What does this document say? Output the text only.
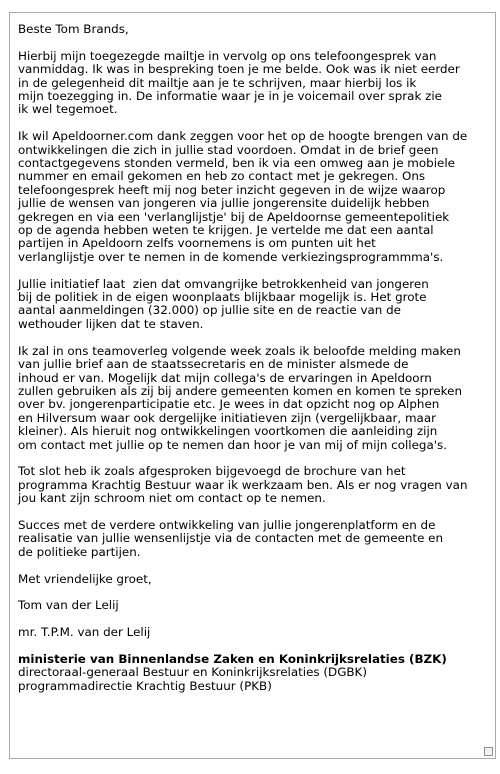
Beste Tom Brands,
Hierbij mijn toegezegde mailtje in vervolg op ons telefoongesprek van
vanmiddag. Ik was in bespreking toen je me belde. Ook was ik niet eerder
in de gelegenheid dit mailtje aan je te schrijven, maar hierbij los ik
mijn toezegging in. De informatie waar je in je voicemail over sprak zie
ik wel tegemoet.
Ik wil Apeldoorner.com dank zeggen voor het op de hoogte brengen van de
ontwikkelingen die zich in jullie stad voordoen. Omdat in de brief geen
contactgegevens stonden vermeld, ben ik via een omweg aan je mobiele
nummer en email gekomen en heb zo contact met je gekregen. Ons
telefoongesprek heeft mij nog beter inzicht gegeven in de wijze waarop
jullie de wensen van jongeren via jullie jongerensite duidelijk hebben
gekregen en via een 'verlanglijstje' bij de Apeldoornse gemeentepolitiek
op de agenda hebben weten te krijgen. Je vertelde me dat een aantal
partijen in Apeldoorn zelfs voornemens is om punten uit het
verlanglijstje over te nemen in de komende verkiezingsprogrammma's.
Jullie initiatief laat  zien dat omvangrijke betrokkenheid van jongeren
bij de politiek in de eigen woonplaats blijkbaar mogelijk is. Het grote
aantal aanmeldingen (32.000) op jullie site en de reactie van de
wethouder lijken dat te staven.
Ik zal in ons teamoverleg volgende week zoals ik beloofde melding maken
van jullie brief aan de staatssecretaris en de minister alsmede de
inhoud er van. Mogelijk dat mijn collega's de ervaringen in Apeldoorn
zullen gebruiken als zij bij andere gemeenten komen en komen te spreken
over bv. jongerenparticipatie etc. Je wees in dat opzicht nog op Alphen
en Hilversum waar ook dergelijke initiatieven zijn (vergelijkbaar, maar
kleiner). Als hieruit nog ontwikkelingen voortkomen die aanleiding zijn
om contact met jullie op te nemen dan hoor je van mij of mijn collega's.
Tot slot heb ik zoals afgesproken bijgevoegd de brochure van het
programma Krachtig Bestuur waar ik werkzaam ben. Als er nog vragen van
jou kant zijn schroom niet om contact op te nemen.
Succes met de verdere ontwikkeling van jullie jongerenplatform en de
realisatie van jullie wensenlijstje via de contacten met de gemeente en
de politieke partijen.
Met vriendelijke groet,
Tom van der Lelij
mr. T.P.M. van der Lelij
ministerie van Binnenlandse Zaken en Koninkrijksrelaties (BZK)
directoraal-generaal Bestuur en Koninkrijksrelaties (DGBK)
programmadirectie Krachtig Bestuur (PKB)
